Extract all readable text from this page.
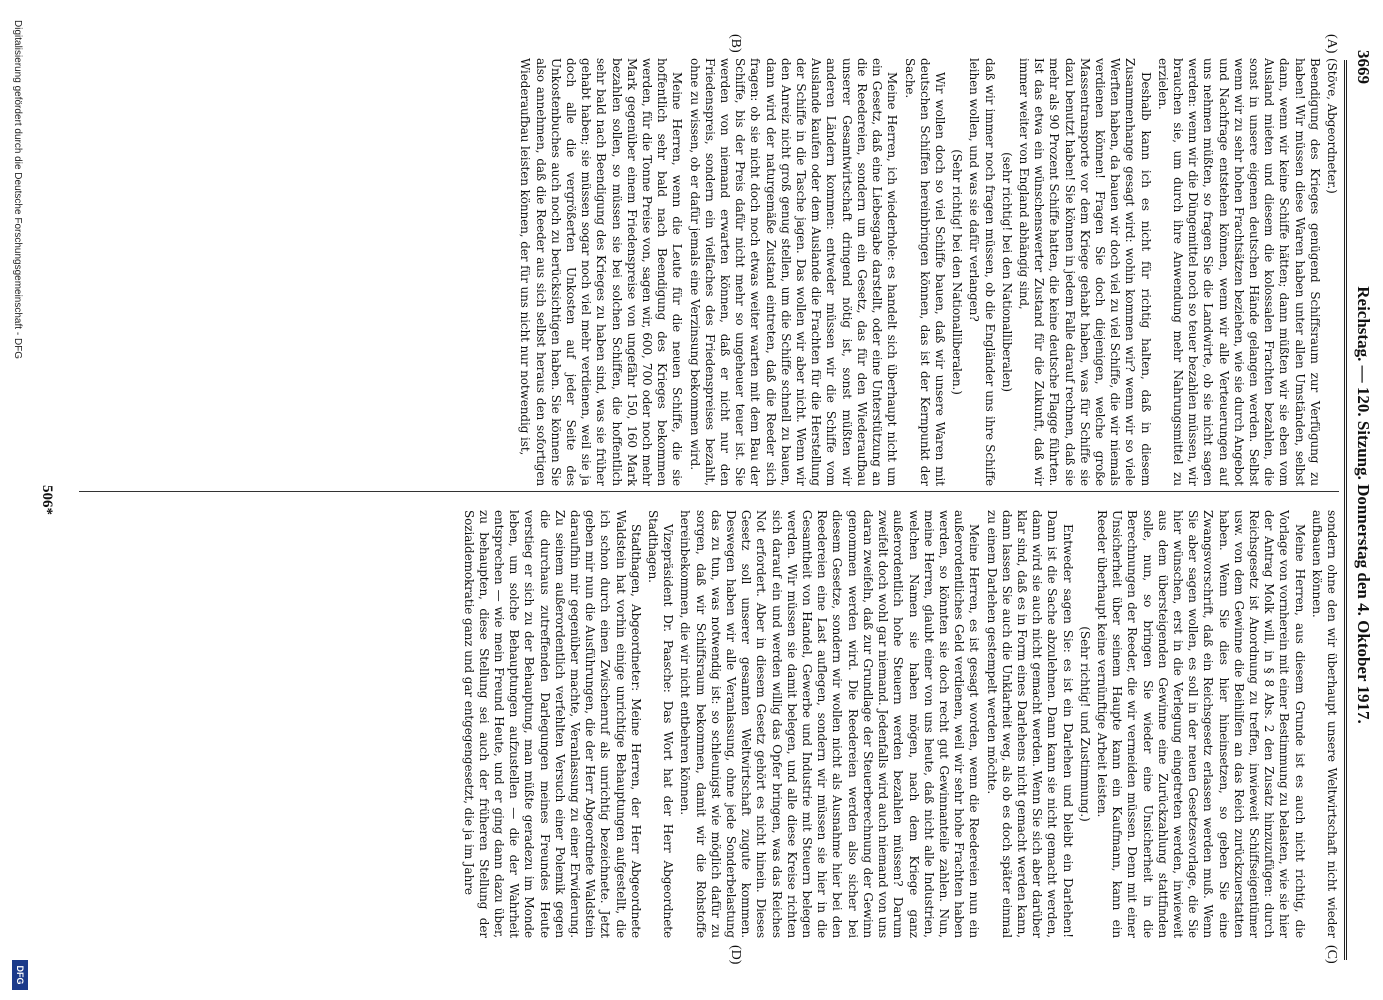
3669
Reichstag. — 120. Sitzung. Donnerstag den 4. Oktober 1917.
(A)
(B)
(C)
(D)

(Stöve, Abgeordneter.)

Beendigung des Krieges genügend Schiffsraum zur Verfügung zu haben! Wir müssen diese Waren haben unter allen Umständen, selbst dann, wenn wir keine Schiffe hätten; dann müßten wir sie eben vom Ausland mieten und diesem die kolossalen Frachten bezahlen, die sonst in unsere eigenen deutschen Hände gelangen werden. Selbst wenn wir zu sehr hohen Frachtsätzen beziehen, wie sie durch Angebot und Nachfrage entstehen können, wenn wir alle Verteuerungen auf uns nehmen müßten, so fragen Sie die Landwirte, ob sie nicht sagen werden: wenn wir die Düngemittel noch so teuer bezahlen müssen, wir brauchen sie, um durch ihre Anwendung mehr Nahrungsmittel zu erzielen.

Deshalb kann ich es nicht für richtig halten, daß in diesem Zusammenhange gesagt wird: wohin kommen wir? wenn wir so viele Werften haben, da bauen wir doch viel zu viel Schiffe, die wir niemals verdienen können! Fragen Sie doch diejenigen, welche große Massentransporte vor dem Kriege gehabt haben, was für Schiffe sie dazu benutzt haben! Sie können in jedem Falle darauf rechnen, daß sie mehr als 90 Prozent Schiffe hatten, die keine deutsche Flagge führten. Ist das etwa ein wünschenswerter Zustand für die Zukunft, daß wir immer weiter von England abhängig sind,

(sehr richtig! bei den Nationalliberalen)

daß wir immer noch fragen müssen, ob die Engländer uns ihre Schiffe leihen wollen, und was sie dafür verlangen?

(Sehr richtig! bei den Nationalliberalen.)

Wir wollen doch so viel Schiffe bauen, daß wir unsere Waren mit deutschen Schiffen hereinbringen können, das ist der Kernpunkt der Sache.

Meine Herren, ich wiederhole: es handelt sich überhaupt nicht um ein Gesetz, daß eine Liebesgabe darstellt, oder eine Unterstützung an die Reedereien, sondern um ein Gesetz, das für den Wiederaufbau unserer Gesamtwirtschaft dringend nötig ist, sonst müßten wir anderen Ländern kommen: entweder müssen wir die Schiffe vom Auslande kaufen oder dem Auslande die Frachten für die Herstellung der Schiffe in die Tasche jagen. Das wollen wir aber nicht. Wenn wir den Anreiz nicht groß genug stellen, um die Schiffe schnell zu bauen, dann wird der naturgemäße Zustand eintreten, daß die Reeder sich fragen: ob sie nicht doch noch etwas weiter warten mit dem Bau der Schiffe, bis der Preis dafür nicht mehr so ungeheuer teuer ist. Sie werden von niemand erwarten können, daß er nicht nur den Friedenspreis, sondern ein vielfaches des Friedenspreises bezahlt, ohne zu wissen, ob er dafür jemals eine Verzinsung bekommen wird.

Meine Herren, wenn die Leute für die neuen Schiffe, die sie hoffentlich sehr bald nach Beendigung des Krieges bekommen werden, für die Tonne Preise von, sagen wir, 600, 700 oder noch mehr Mark gegenüber einem Friedenspreise von ungefähr 150, 160 Mark bezahlen sollen, so müssen sie bei solchen Schiffen, die hoffentlich sehr bald nach Beendigung des Krieges zu haben sind, was sie früher gehabt haben; sie müssen sogar noch viel mehr verdienen, weil sie ja doch alle die vergrößerten Unkosten auf jeder Seite des Unkostenbuches auch noch zu berücksichtigen haben. Sie können Sie also annehmen, daß die Reeder aus sich selbst heraus den sofortigen Wiederaufbau leisten können, der für uns nicht nur notwendig ist,

sondern ohne den wir überhaupt unsere Weltwirtschaft nicht wieder aufbauen können.

Meine Herren, aus diesem Grunde ist es auch nicht richtig, die Vorlage von vornherein mit einer Bestimmung zu belasten, wie sie hier der Antrag Molk will, in § 8 Abs. 2 den Zusatz hinzuzufügen: durch Reichsgesetz ist Anordnung zu treffen, inwieweit Schiffseigentümer usw. von dem Gewinne die Beihilfen an das Reich zurückzuerstatten haben. Wenn Sie dies hier hineinsetzen, so geben Sie eine Zwangsvorschrift, daß ein Reichsgesetz erlassen werden muß. Wenn Sie aber sagen wollen, es soll in der neuen Gesetzesvorlage, die Sie hier wünschen, erst in die Verlegung eingetreten werden, inwieweit aus dem übersteigenden Gewinne eine Zurückzahlung stattfinden solle, nun, so bringen Sie wieder eine Unsicherheit in die Berechnungen der Reeder, die wir vermeiden müssen. Denn mit einer Unsicherheit über seinem Haupte kann ein Kaufmann, kann ein Reeder überhaupt keine vernünftige Arbeit leisten.

(Sehr richtig! und Zustimmung.)

Entweder sagen Sie: es ist ein Darlehen und bleibt ein Darlehen! Dann ist die Sache abzulehnen. Dann kann sie nicht gemacht werden, dann wird sie auch nicht gemacht werden. Wenn Sie sich aber darüber klar sind, daß es in Form eines Darlehens nicht gemacht werden kann, dann lassen Sie auch die Unklarheit weg, als ob es doch später einmal zu einem Darlehen gestempelt werden möchte.

Meine Herren, es ist gesagt worden, wenn die Reedereien nun ein außerordentliches Geld verdienen, weil wir sehr hohe Frachten haben werden, so könnten sie doch recht gut Gewinnanteile zahlen. Nun, meine Herren, glaubt einer von uns heute, daß nicht alle Industrien, welchen Namen sie haben mögen, nach dem Kriege ganz außerordentlich hohe Steuern werden bezahlen müssen? Darum zweifelt doch wohl gar niemand. Jedenfalls wird auch niemand von uns daran zweifeln, daß zur Grundlage der Steuerberechnung der Gewinn genommen werden wird. Die Reedereien werden also sicher bei diesem Gesetze, sondern wir wollen nicht als Ausnahme hier bei den Reedereien eine Last auflegen, sondern wir müssen sie hier in die Gesamtheit von Handel, Gewerbe und Industrie mit Steuern belegen werden. Wir müssen sie damit belegen, und alle diese Kreise richten sich darauf ein und werden willig das Opfer bringen, was das Reiches Not erfordert. Aber in diesem Gesetz gehört es nicht hinein. Dieses Gesetz soll unserer gesamten Weltwirtschaft zugute kommen. Deswegen haben wir alle Veranlassung, ohne jede Sonderbelastung das zu tun, was notwendig ist: so schleunigst wie möglich dafür zu sorgen, daß wir Schiffsraum bekommen, damit wir die Rohstoffe hereinbekommen, die wir nicht entbehren können.

Vizepräsident Dr. Paasche: Das Wort hat der Herr Abgeordnete Stadthagen.

Stadthagen, Abgeordneter: Meine Herren, der Herr Abgeordnete Waldstein hat vorhin einige unrichtige Behauptungen aufgestellt, die ich schon durch einen Zwischenruf als unrichtig bezeichnete. Jetzt geben mir nun die Ausführungen, die der Herr Abgeordnete Waldstein daraufhin mir gegenüber machte, Veranlassung zu einer Erwiderung. Zu seinem außerordentlich verfehlten Versuch einer Polemik gegen die durchaus zutreffenden Darlegungen meines Freundes Heute verstieg er sich zu der Behauptung, man müßte geradezu im Monde leben, um solche Behauptungen aufzustellen — die der Wahrheit entsprechen — wie mein Freund Heute, und er ging dann dazu über, zu behaupten, diese Stellung sei auch der früheren Stellung der Sozialdemokratie ganz und gar entgegengesetzt, die ja im Jahre

506*
Digitalisierung gefördert durch die Deutsche Forschungsgemeinschaft - DFG
DFG
